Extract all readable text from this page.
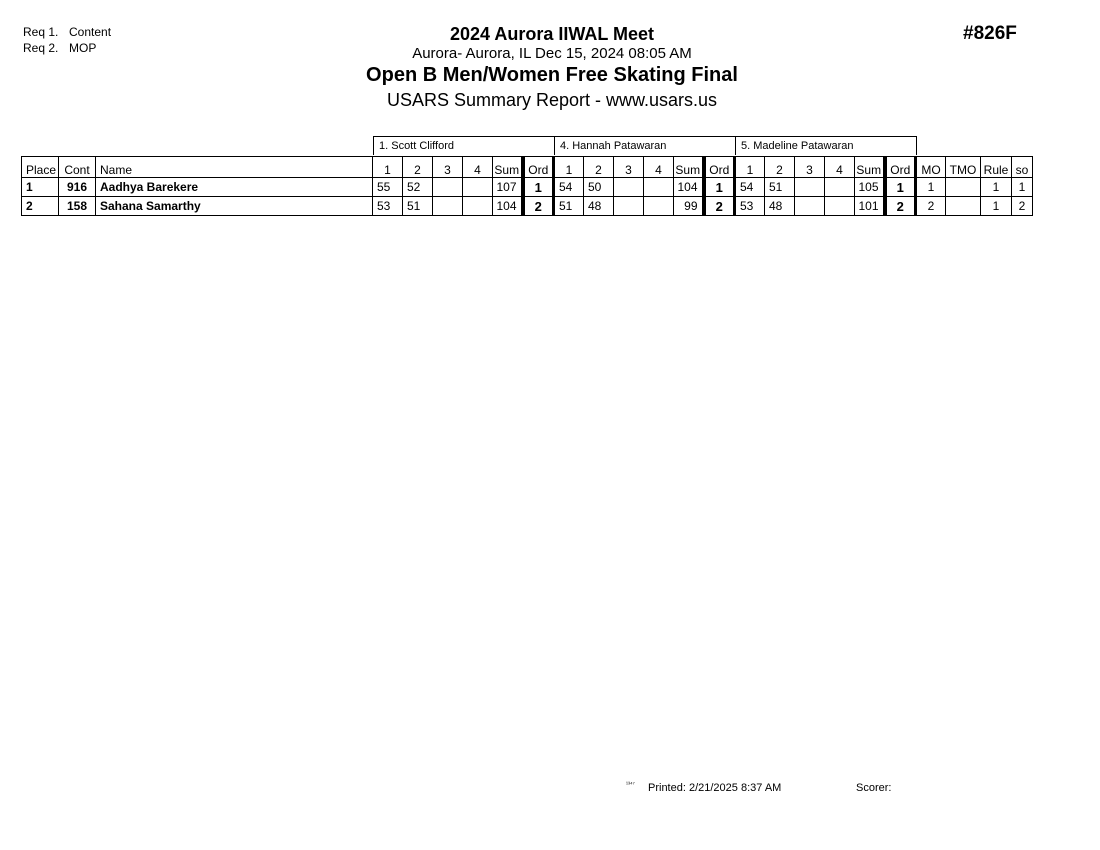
Req 1. Content
Req 2. MOP
2024 Aurora IIWAL Meet
Aurora- Aurora, IL Dec 15, 2024 08:05 AM
Open B Men/Women Free Skating Final
USARS Summary Report - www.usars.us
#826F
1. Scott Clifford	4. Hannah Patawaran	5. Madeline Patawaran
Place	Cont	Name	1	2	3	4	Sum	Ord	1	2	3	4	Sum	Ord	1	2	3	4	Sum	Ord	MO	TMO	Rule	so
1	916	Aadhya Barekere	55	52			107	1	54	50			104	1	54	51			105	1	1		1	1
2	158	Sahana Samarthy	53	51			104	2	51	48			99	2	53	48			101	2	2		1	2
¹³⁴⁷ Printed: 2/21/2025 8:37 AM	Scorer:
